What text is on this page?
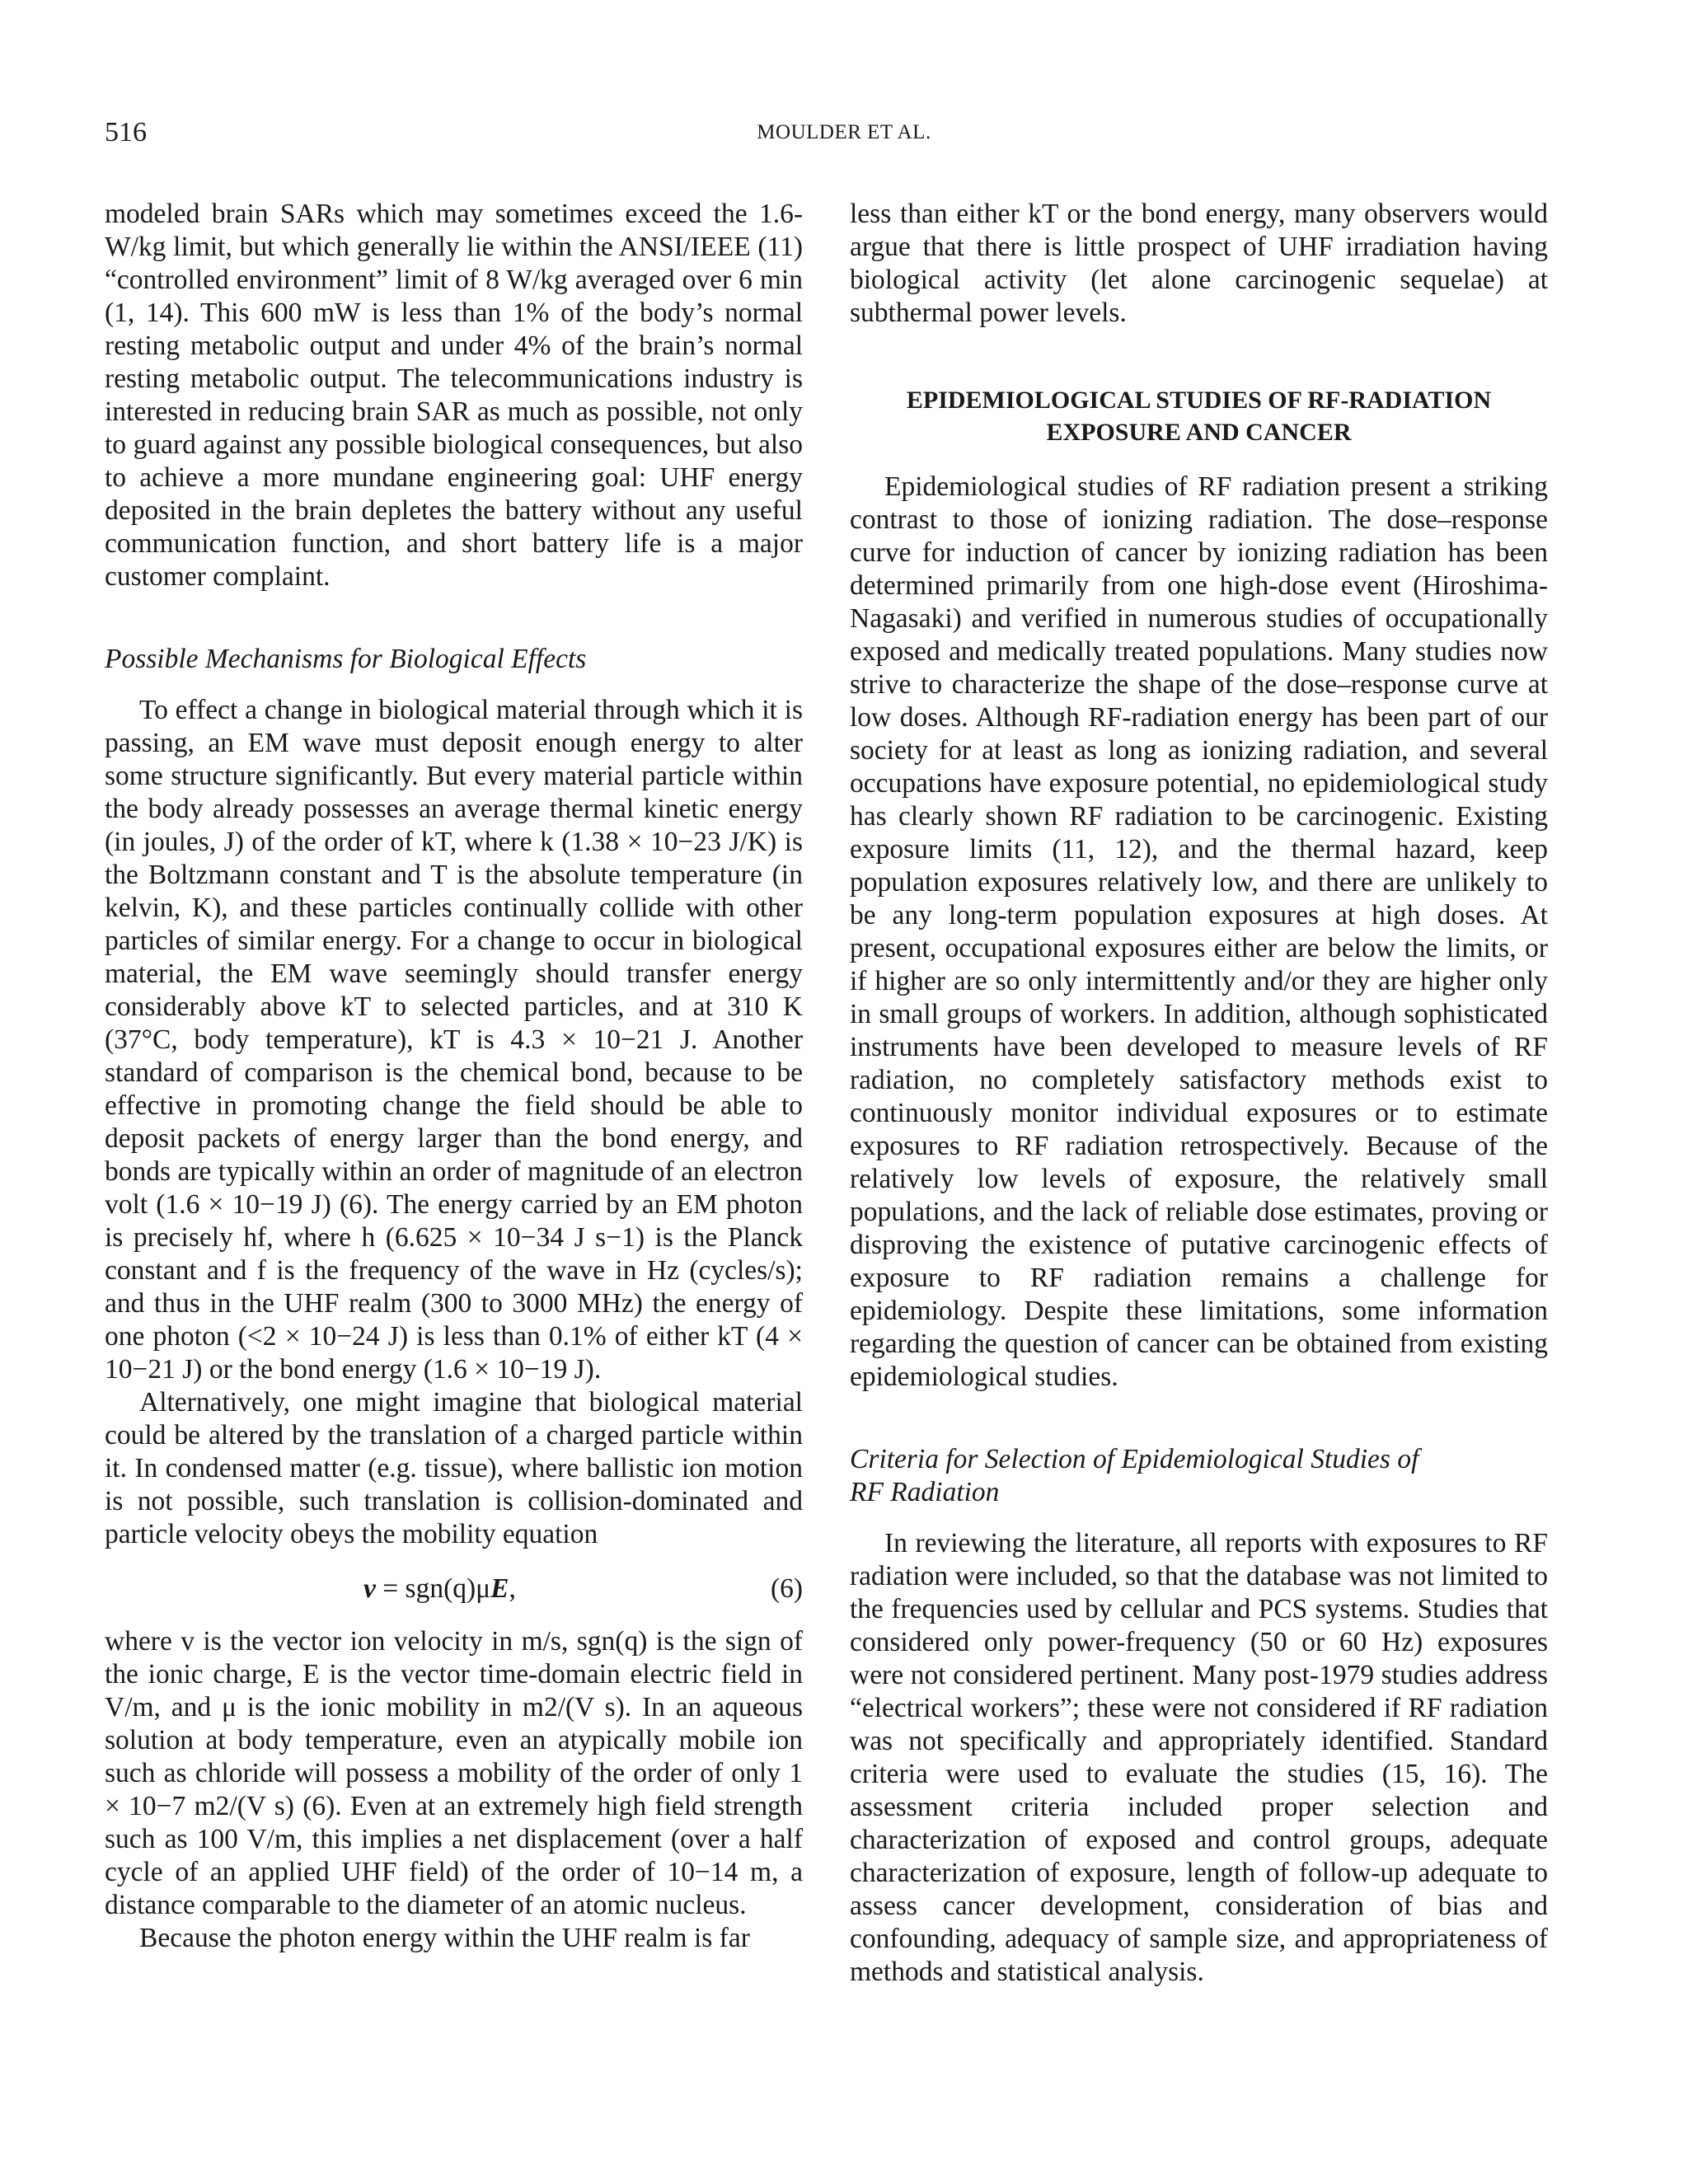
516	MOULDER ET AL.

modeled brain SARs which may sometimes exceed the 1.6-W/kg limit, but which generally lie within the ANSI/IEEE (11) “controlled environment” limit of 8 W/kg averaged over 6 min (1, 14). This 600 mW is less than 1% of the body’s normal resting metabolic output and under 4% of the brain’s normal resting metabolic output. The telecommunications industry is interested in reducing brain SAR as much as possible, not only to guard against any possible biological consequences, but also to achieve a more mundane engineering goal: UHF energy deposited in the brain depletes the battery without any useful communication function, and short battery life is a major customer complaint.

Possible Mechanisms for Biological Effects

To effect a change in biological material through which it is passing, an EM wave must deposit enough energy to alter some structure significantly. But every material particle within the body already possesses an average thermal kinetic energy (in joules, J) of the order of kT, where k (1.38 × 10−23 J/K) is the Boltzmann constant and T is the absolute temperature (in kelvin, K), and these particles continually collide with other particles of similar energy. For a change to occur in biological material, the EM wave seemingly should transfer energy considerably above kT to selected particles, and at 310 K (37°C, body temperature), kT is 4.3 × 10−21 J. Another standard of comparison is the chemical bond, because to be effective in promoting change the field should be able to deposit packets of energy larger than the bond energy, and bonds are typically within an order of magnitude of an electron volt (1.6 × 10−19 J) (6). The energy carried by an EM photon is precisely hf, where h (6.625 × 10−34 J s−1) is the Planck constant and f is the frequency of the wave in Hz (cycles/s); and thus in the UHF realm (300 to 3000 MHz) the energy of one photon (<2 × 10−24 J) is less than 0.1% of either kT (4 × 10−21 J) or the bond energy (1.6 × 10−19 J).

Alternatively, one might imagine that biological material could be altered by the translation of a charged particle within it. In condensed matter (e.g. tissue), where ballistic ion motion is not possible, such translation is collision-dominated and particle velocity obeys the mobility equation

v = sgn(q)μE,	(6)

where v is the vector ion velocity in m/s, sgn(q) is the sign of the ionic charge, E is the vector time-domain electric field in V/m, and μ is the ionic mobility in m2/(V s). In an aqueous solution at body temperature, even an atypically mobile ion such as chloride will possess a mobility of the order of only 1 × 10−7 m2/(V s) (6). Even at an extremely high field strength such as 100 V/m, this implies a net displacement (over a half cycle of an applied UHF field) of the order of 10−14 m, a distance comparable to the diameter of an atomic nucleus.

Because the photon energy within the UHF realm is far

less than either kT or the bond energy, many observers would argue that there is little prospect of UHF irradiation having biological activity (let alone carcinogenic sequelae) at subthermal power levels.

EPIDEMIOLOGICAL STUDIES OF RF-RADIATION
EXPOSURE AND CANCER

Epidemiological studies of RF radiation present a striking contrast to those of ionizing radiation. The dose–response curve for induction of cancer by ionizing radiation has been determined primarily from one high-dose event (Hiroshima-Nagasaki) and verified in numerous studies of occupationally exposed and medically treated populations. Many studies now strive to characterize the shape of the dose–response curve at low doses. Although RF-radiation energy has been part of our society for at least as long as ionizing radiation, and several occupations have exposure potential, no epidemiological study has clearly shown RF radiation to be carcinogenic. Existing exposure limits (11, 12), and the thermal hazard, keep population exposures relatively low, and there are unlikely to be any long-term population exposures at high doses. At present, occupational exposures either are below the limits, or if higher are so only intermittently and/or they are higher only in small groups of workers. In addition, although sophisticated instruments have been developed to measure levels of RF radiation, no completely satisfactory methods exist to continuously monitor individual exposures or to estimate exposures to RF radiation retrospectively. Because of the relatively low levels of exposure, the relatively small populations, and the lack of reliable dose estimates, proving or disproving the existence of putative carcinogenic effects of exposure to RF radiation remains a challenge for epidemiology. Despite these limitations, some information regarding the question of cancer can be obtained from existing epidemiological studies.

Criteria for Selection of Epidemiological Studies of
RF Radiation

In reviewing the literature, all reports with exposures to RF radiation were included, so that the database was not limited to the frequencies used by cellular and PCS systems. Studies that considered only power-frequency (50 or 60 Hz) exposures were not considered pertinent. Many post-1979 studies address “electrical workers”; these were not considered if RF radiation was not specifically and appropriately identified. Standard criteria were used to evaluate the studies (15, 16). The assessment criteria included proper selection and characterization of exposed and control groups, adequate characterization of exposure, length of follow-up adequate to assess cancer development, consideration of bias and confounding, adequacy of sample size, and appropriateness of methods and statistical analysis.
